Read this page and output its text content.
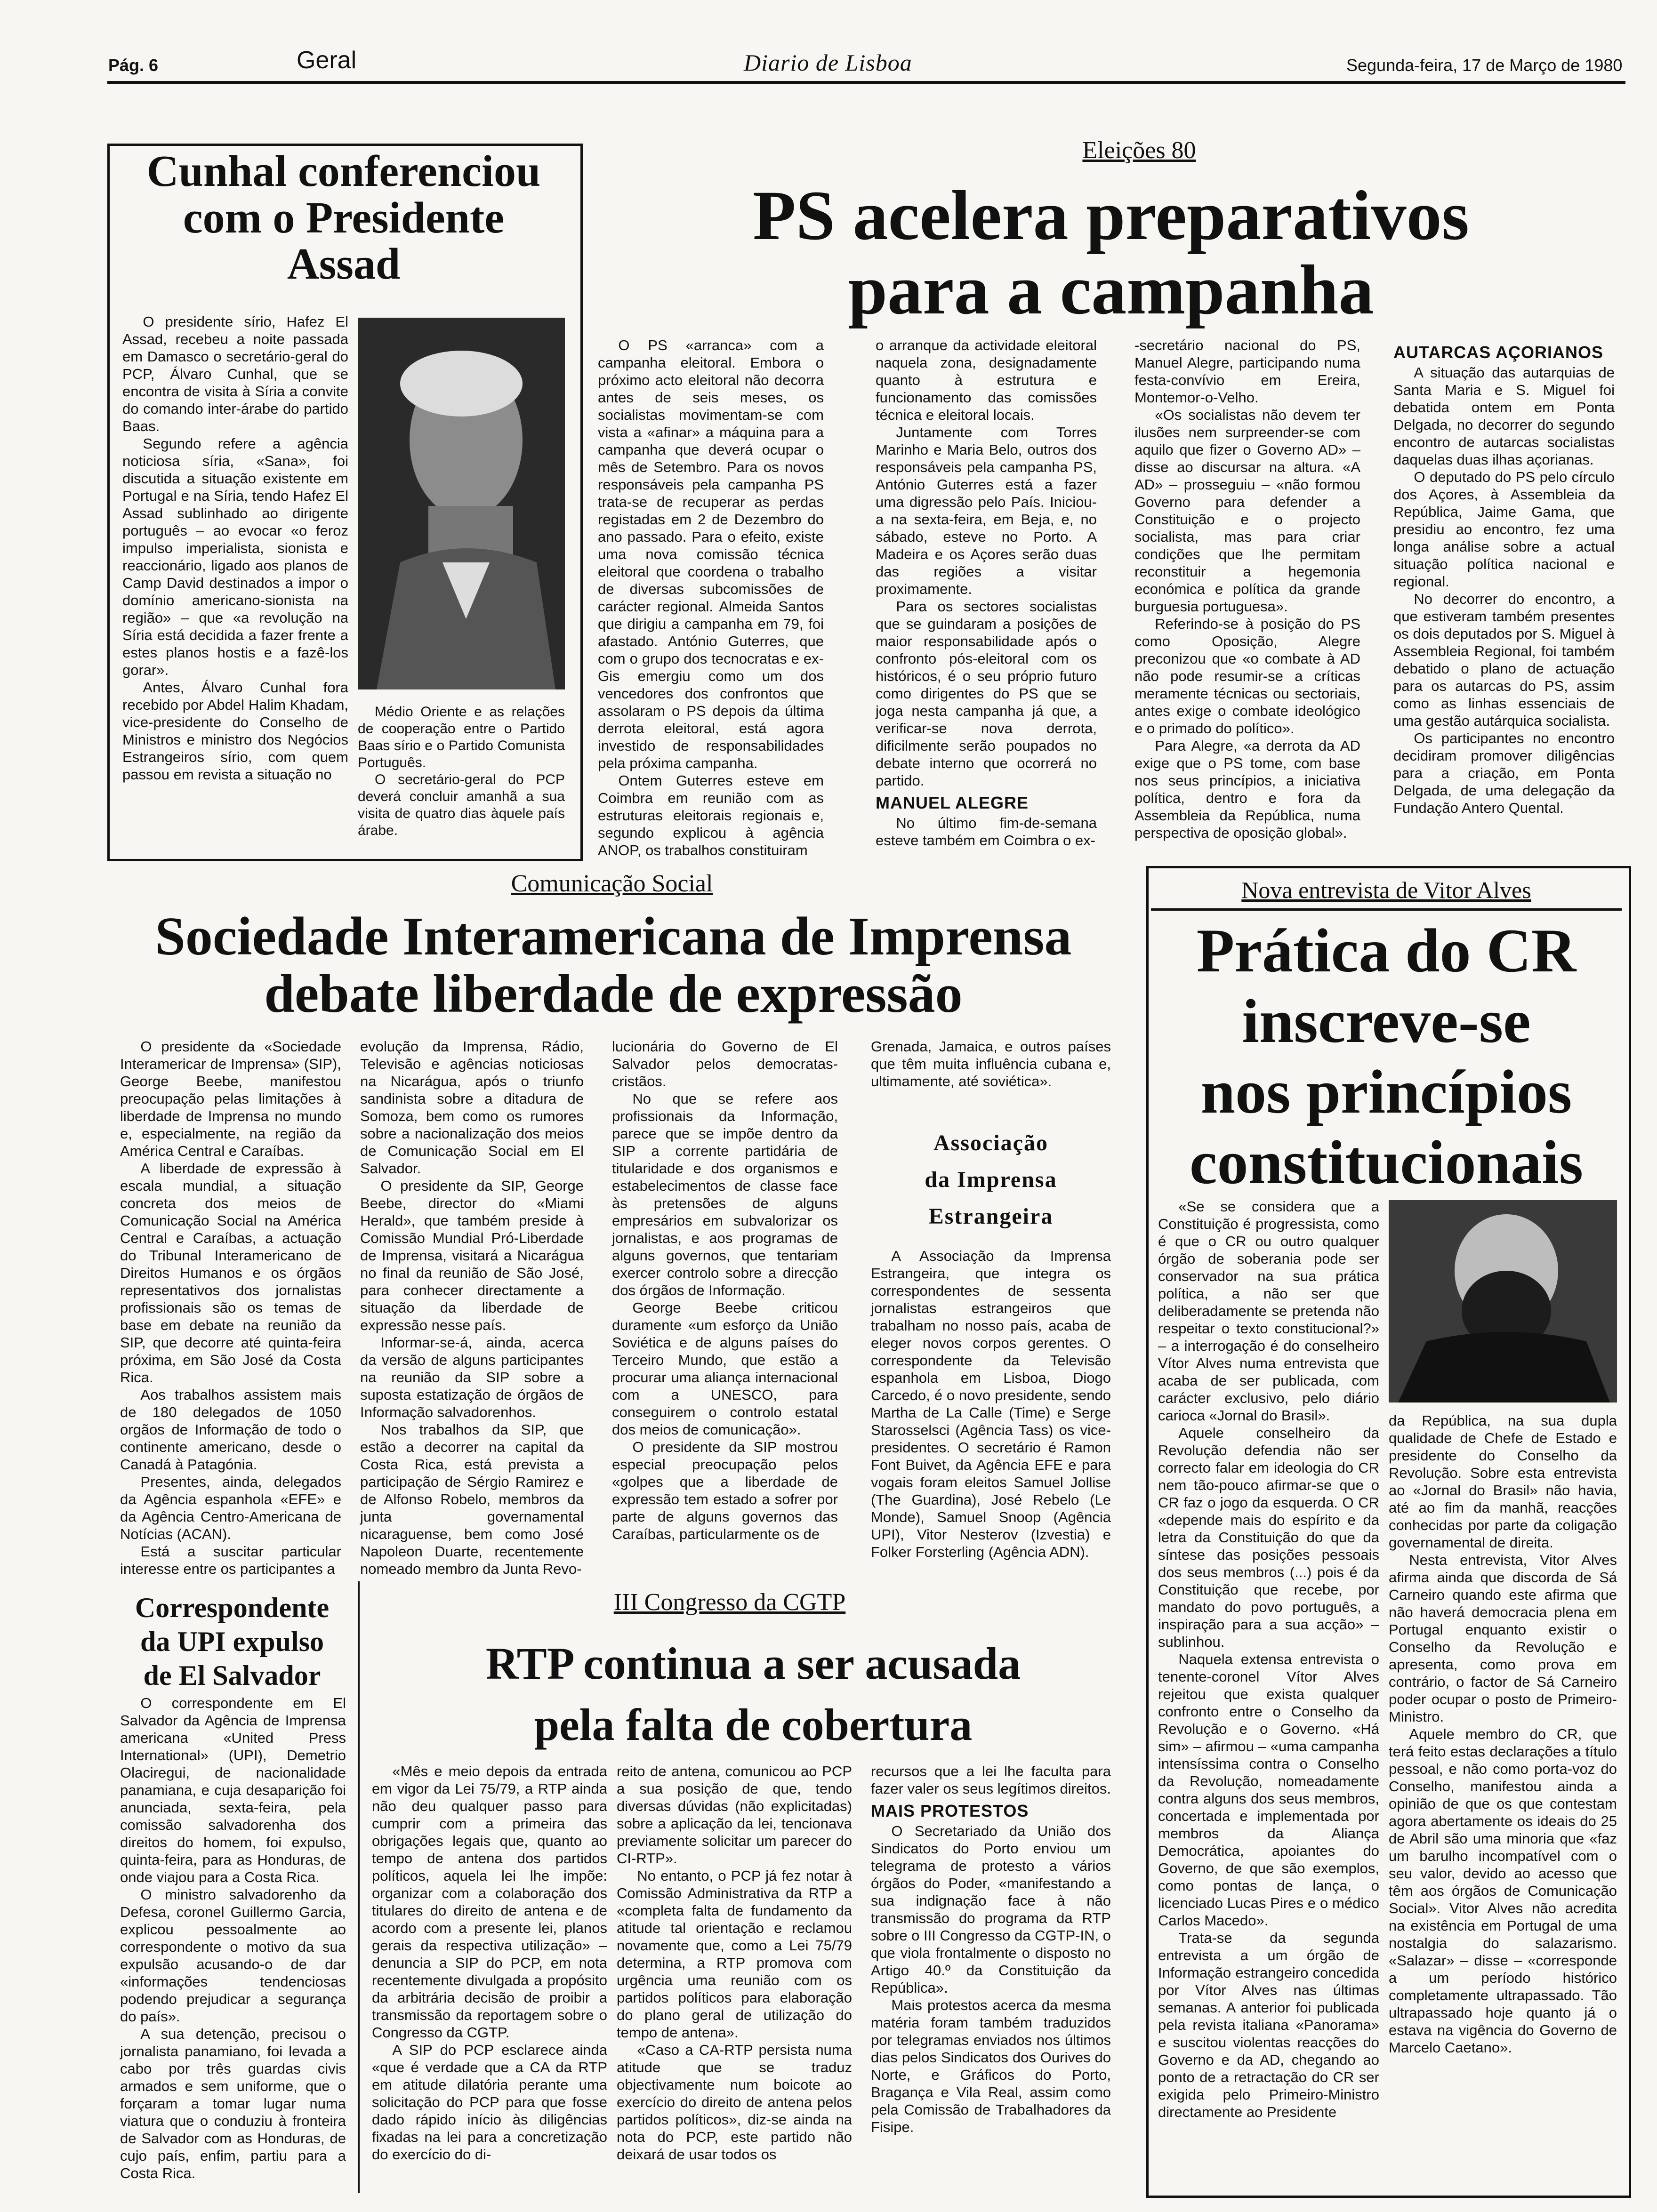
Pág. 6	Geral	Diario de Lisboa	Segunda-feira, 17 de Março de 1980
Cunhal conferenciou
com o Presidente
Assad

O presidente sírio, Hafez El Assad, recebeu a noite passada em Damasco o secretário-geral do PCP, Álvaro Cunhal, que se encontra de visita à Síria a convite do comando inter-árabe do partido Baas.

Segundo refere a agência noticiosa síria, «Sana», foi discutida a situação existente em Portugal e na Síria, tendo Hafez El Assad sublinhado ao dirigente português – ao evocar «o feroz impulso imperialista, sionista e reaccionário, ligado aos planos de Camp David destinados a impor o domínio americano-sionista na região» – que «a revolução na Síria está decidida a fazer frente a estes planos hostis e a fazê-los gorar».

Antes, Álvaro Cunhal fora recebido por Abdel Halim Khadam, vice-presidente do Conselho de Ministros e ministro dos Negócios Estrangeiros sírio, com quem passou em revista a situação no

Médio Oriente e as relações de cooperação entre o Partido Baas sírio e o Partido Comunista Português.

O secretário-geral do PCP deverá concluir amanhã a sua visita de quatro dias àquele país árabe.

Eleições 80
PS acelera preparativos
para a campanha

O PS «arranca» com a campanha eleitoral. Embora o próximo acto eleitoral não decorra antes de seis meses, os socialistas movimentam-se com vista a «afinar» a máquina para a campanha que deverá ocupar o mês de Setembro. Para os novos responsáveis pela campanha PS trata-se de recuperar as perdas registadas em 2 de Dezembro do ano passado. Para o efeito, existe uma nova comissão técnica eleitoral que coordena o trabalho de diversas subcomissões de carácter regional. Almeida Santos que dirigiu a campanha em 79, foi afastado. António Guterres, que com o grupo dos tecnocratas e ex-Gis emergiu como um dos vencedores dos confrontos que assolaram o PS depois da última derrota eleitoral, está agora investido de responsabilidades pela próxima campanha.

Ontem Guterres esteve em Coimbra em reunião com as estruturas eleitorais regionais e, segundo explicou à agência ANOP, os trabalhos constituiram

o arranque da actividade eleitoral naquela zona, designadamente quanto à estrutura e funcionamento das comissões técnica e eleitoral locais.

Juntamente com Torres Marinho e Maria Belo, outros dos responsáveis pela campanha PS, António Guterres está a fazer uma digressão pelo País. Iniciou-a na sexta-feira, em Beja, e, no sábado, esteve no Porto. A Madeira e os Açores serão duas das regiões a visitar proximamente.

Para os sectores socialistas que se guindaram a posições de maior responsabilidade após o confronto pós-eleitoral com os históricos, é o seu próprio futuro como dirigentes do PS que se joga nesta campanha já que, a verificar-se nova derrota, dificilmente serão poupados no debate interno que ocorrerá no partido.

MANUEL ALEGRE

No último fim-de-semana esteve também em Coimbra o ex-

-secretário nacional do PS, Manuel Alegre, participando numa festa-convívio em Ereira, Montemor-o-Velho.

«Os socialistas não devem ter ilusões nem surpreender-se com aquilo que fizer o Governo AD» – disse ao discursar na altura. «A AD» – prosseguiu – «não formou Governo para defender a Constituição e o projecto socialista, mas para criar condições que lhe permitam reconstituir a hegemonia económica e política da grande burguesia portuguesa».

Referindo-se à posição do PS como Oposição, Alegre preconizou que «o combate à AD não pode resumir-se a críticas meramente técnicas ou sectoriais, antes exige o combate ideológico e o primado do político».

Para Alegre, «a derrota da AD exige que o PS tome, com base nos seus princípios, a iniciativa política, dentro e fora da Assembleia da República, numa perspectiva de oposição global».

AUTARCAS AÇORIANOS

A situação das autarquias de Santa Maria e S. Miguel foi debatida ontem em Ponta Delgada, no decorrer do segundo encontro de autarcas socialistas daquelas duas ilhas açorianas.

O deputado do PS pelo círculo dos Açores, à Assembleia da República, Jaime Gama, que presidiu ao encontro, fez uma longa análise sobre a actual situação política nacional e regional.

No decorrer do encontro, a que estiveram também presentes os dois deputados por S. Miguel à Assembleia Regional, foi também debatido o plano de actuação para os autarcas do PS, assim como as linhas essenciais de uma gestão autárquica socialista.

Os participantes no encontro decidiram promover diligências para a criação, em Ponta Delgada, de uma delegação da Fundação Antero Quental.

Comunicação Social
Sociedade Interamericana de Imprensa
debate liberdade de expressão

O presidente da «Sociedade Interamericar de Imprensa» (SIP), George Beebe, manifestou preocupação pelas limitações à liberdade de Imprensa no mundo e, especialmente, na região da América Central e Caraíbas.

A liberdade de expressão à escala mundial, a situação concreta dos meios de Comunicação Social na América Central e Caraíbas, a actuação do Tribunal Interamericano de Direitos Humanos e os órgãos representativos dos jornalistas profissionais são os temas de base em debate na reunião da SIP, que decorre até quinta-feira próxima, em São José da Costa Rica.

Aos trabalhos assistem mais de 180 delegados de 1050 orgãos de Informação de todo o continente americano, desde o Canadá à Patagónia.

Presentes, ainda, delegados da Agência espanhola «EFE» e da Agência Centro-Americana de Notícias (ACAN).

Está a suscitar particular interesse entre os participantes a

evolução da Imprensa, Rádio, Televisão e agências noticiosas na Nicarágua, após o triunfo sandinista sobre a ditadura de Somoza, bem como os rumores sobre a nacionalização dos meios de Comunicação Social em El Salvador.

O presidente da SIP, George Beebe, director do «Miami Herald», que também preside à Comissão Mundial Pró-Liberdade de Imprensa, visitará a Nicarágua no final da reunião de São José, para conhecer directamente a situação da liberdade de expressão nesse país.

Informar-se-á, ainda, acerca da versão de alguns participantes na reunião da SIP sobre a suposta estatização de órgãos de Informação salvadorenhos.

Nos trabalhos da SIP, que estão a decorrer na capital da Costa Rica, está prevista a participação de Sérgio Ramirez e de Alfonso Robelo, membros da junta governamental nicaraguense, bem como José Napoleon Duarte, recentemente nomeado membro da Junta Revo-

lucionária do Governo de El Salvador pelos democratas-cristãos.

No que se refere aos profissionais da Informação, parece que se impõe dentro da SIP a corrente partidária de titularidade e dos organismos e estabelecimentos de classe face às pretensões de alguns empresários em subvalorizar os jornalistas, e aos programas de alguns governos, que tentariam exercer controlo sobre a direcção dos órgãos de Informação.

George Beebe criticou duramente «um esforço da União Soviética e de alguns países do Terceiro Mundo, que estão a procurar uma aliança internacional com a UNESCO, para conseguirem o controlo estatal dos meios de comunicação».

O presidente da SIP mostrou especial preocupação pelos «golpes que a liberdade de expressão tem estado a sofrer por parte de alguns governos das Caraíbas, particularmente os de

Grenada, Jamaica, e outros países que têm muita influência cubana e, ultimamente, até soviética».

Associação
da Imprensa
Estrangeira

A Associação da Imprensa Estrangeira, que integra os correspondentes de sessenta jornalistas estrangeiros que trabalham no nosso país, acaba de eleger novos corpos gerentes. O correspondente da Televisão espanhola em Lisboa, Diogo Carcedo, é o novo presidente, sendo Martha de La Calle (Time) e Serge Starosselsci (Agência Tass) os vice-presidentes. O secretário é Ramon Font Buivet, da Agência EFE e para vogais foram eleitos Samuel Jollise (The Guardina), José Rebelo (Le Monde), Samuel Snoop (Agência UPI), Vitor Nesterov (Izvestia) e Folker Forsterling (Agência ADN).

Nova entrevista de Vitor Alves
Prática do CR
inscreve-se
nos princípios
constitucionais

«Se se considera que a Constituição é progressista, como é que o CR ou outro qualquer órgão de soberania pode ser conservador na sua prática política, a não ser que deliberadamente se pretenda não respeitar o texto constitucional?» – a interrogação é do conselheiro Vítor Alves numa entrevista que acaba de ser publicada, com carácter exclusivo, pelo diário carioca «Jornal do Brasil».

Aquele conselheiro da Revolução defendia não ser correcto falar em ideologia do CR nem tão-pouco afirmar-se que o CR faz o jogo da esquerda. O CR «depende mais do espírito e da letra da Constituição do que da síntese das posições pessoais dos seus membros (...) pois é da Constituição que recebe, por mandato do povo português, a inspiração para a sua acção» – sublinhou.

Naquela extensa entrevista o tenente-coronel Vítor Alves rejeitou que exista qualquer confronto entre o Conselho da Revolução e o Governo. «Há sim» – afirmou – «uma campanha intensíssima contra o Conselho da Revolução, nomeadamente contra alguns dos seus membros, concertada e implementada por membros da Aliança Democrática, apoiantes do Governo, de que são exemplos, como pontas de lança, o licenciado Lucas Pires e o médico Carlos Macedo».

Trata-se da segunda entrevista a um órgão de Informação estrangeiro concedida por Vítor Alves nas últimas semanas. A anterior foi publicada pela revista italiana «Panorama» e suscitou violentas reacções do Governo e da AD, chegando ao ponto de a retractação do CR ser exigida pelo Primeiro-Ministro directamente ao Presidente

da República, na sua dupla qualidade de Chefe de Estado e presidente do Conselho da Revolução. Sobre esta entrevista ao «Jornal do Brasil» não havia, até ao fim da manhã, reacções conhecidas por parte da coligação governamental de direita.

Nesta entrevista, Vitor Alves afirma ainda que discorda de Sá Carneiro quando este afirma que não haverá democracia plena em Portugal enquanto existir o Conselho da Revolução e apresenta, como prova em contrário, o factor de Sá Carneiro poder ocupar o posto de Primeiro-Ministro.

Aquele membro do CR, que terá feito estas declarações a título pessoal, e não como porta-voz do Conselho, manifestou ainda a opinião de que os que contestam agora abertamente os ideais do 25 de Abril são uma minoria que «faz um barulho incompatível com o seu valor, devido ao acesso que têm aos órgãos de Comunicação Social». Vitor Alves não acredita na existência em Portugal de uma nostalgia do salazarismo. «Salazar» – disse – «corresponde a um período histórico completamente ultrapassado. Tão ultrapassado hoje quanto já o estava na vigência do Governo de Marcelo Caetano».

Correspondente
da UPI expulso
de El Salvador

O correspondente em El Salvador da Agência de Imprensa americana «United Press International» (UPI), Demetrio Olaciregui, de nacionalidade panamiana, e cuja desaparição foi anunciada, sexta-feira, pela comissão salvadorenha dos direitos do homem, foi expulso, quinta-feira, para as Honduras, de onde viajou para a Costa Rica.

O ministro salvadorenho da Defesa, coronel Guillermo Garcia, explicou pessoalmente ao correspondente o motivo da sua expulsão acusando-o de dar «informações tendenciosas podendo prejudicar a segurança do país».

A sua detenção, precisou o jornalista panamiano, foi levada a cabo por três guardas civis armados e sem uniforme, que o forçaram a tomar lugar numa viatura que o conduziu à fronteira de Salvador com as Honduras, de cujo país, enfim, partiu para a Costa Rica.

III Congresso da CGTP
RTP continua a ser acusada
pela falta de cobertura

«Mês e meio depois da entrada em vigor da Lei 75/79, a RTP ainda não deu qualquer passo para cumprir com a primeira das obrigações legais que, quanto ao tempo de antena dos partidos políticos, aquela lei lhe impõe: organizar com a colaboração dos titulares do direito de antena e de acordo com a presente lei, planos gerais da respectiva utilização» – denuncia a SIP do PCP, em nota recentemente divulgada a propósito da arbitrária decisão de proibir a transmissão da reportagem sobre o Congresso da CGTP.

A SIP do PCP esclarece ainda «que é verdade que a CA da RTP em atitude dilatória perante uma solicitação do PCP para que fosse dado rápido início às diligências fixadas na lei para a concretização do exercício do di-

reito de antena, comunicou ao PCP a sua posição de que, tendo diversas dúvidas (não explicitadas) sobre a aplicação da lei, tencionava previamente solicitar um parecer do CI-RTP».

No entanto, o PCP já fez notar à Comissão Administrativa da RTP a «completa falta de fundamento da atitude tal orientação e reclamou novamente que, como a Lei 75/79 determina, a RTP promova com urgência uma reunião com os partidos políticos para elaboração do plano geral de utilização do tempo de antena».

«Caso a CA-RTP persista numa atitude que se traduz objectivamente num boicote ao exercício do direito de antena pelos partidos políticos», diz-se ainda na nota do PCP, este partido não deixará de usar todos os

recursos que a lei lhe faculta para fazer valer os seus legítimos direitos.

MAIS PROTESTOS

O Secretariado da União dos Sindicatos do Porto enviou um telegrama de protesto a vários órgãos do Poder, «manifestando a sua indignação face à não transmissão do programa da RTP sobre o III Congresso da CGTP-IN, o que viola frontalmente o disposto no Artigo 40.º da Constituição da República».

Mais protestos acerca da mesma matéria foram também traduzidos por telegramas enviados nos últimos dias pelos Sindicatos dos Ourives do Norte, e Gráficos do Porto, Bragança e Vila Real, assim como pela Comissão de Trabalhadores da Fisipe.
